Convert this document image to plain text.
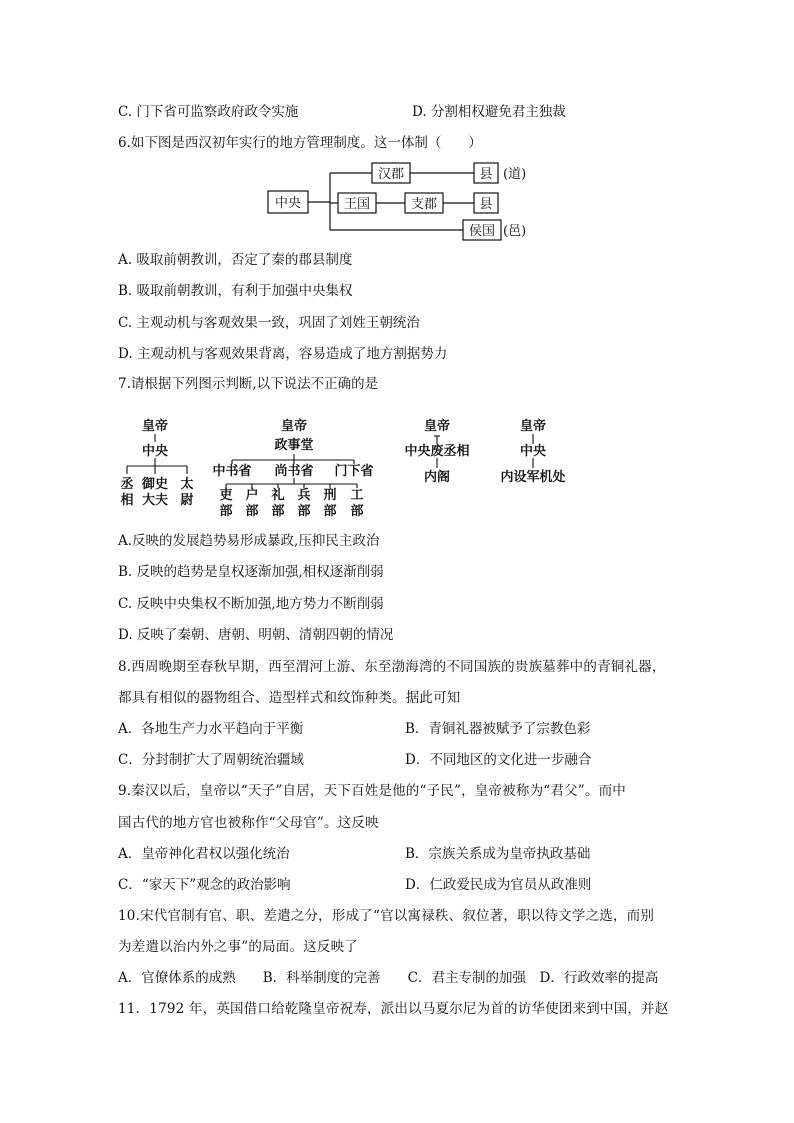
C. 门下省可监察政府政令实施	D. 分割相权避免君主独裁
6.如下图是西汉初年实行的地方管理制度。这一体制（　　）
中央
汉郡
王国	支郡
侯国
县
县
(道)
(邑)
A. 吸取前朝教训，否定了秦的郡县制度
B. 吸取前朝教训，有利于加强中央集权
C. 主观动机与客观效果一致，巩固了刘姓王朝统治
D. 主观动机与客观效果背离，容易造成了地方割据势力
7.请根据下列图示判断,以下说法不正确的是
皇帝
中央
丞
相
御史
大夫
太
尉
皇帝
政事堂
中书省 尚书省 门下省
吏
部
户
部
礼
部
兵
部
刑
部
工
部
皇帝
中央废丞相
内阁
皇帝
中央
内设军机处
A.反映的发展趋势易形成暴政,压抑民主政治
B. 反映的趋势是皇权逐渐加强,相权逐渐削弱
C. 反映中央集权不断加强,地方势力不断削弱
D. 反映了秦朝、唐朝、明朝、清朝四朝的情况
8.西周晚期至春秋早期，西至渭河上游、东至渤海湾的不同国族的贵族墓葬中的青铜礼器，
都具有相似的器物组合、造型样式和纹饰种类。据此可知
A．各地生产力水平趋向于平衡	B．青铜礼器被赋予了宗教色彩
C．分封制扩大了周朝统治疆域	D．不同地区的文化进一步融合
9.秦汉以后，皇帝以“天子”自居，天下百姓是他的“子民”，皇帝被称为“君父”。而中
国古代的地方官也被称作“父母官”。这反映
A．皇帝神化君权以强化统治	B．宗族关系成为皇帝执政基础
C．“家天下”观念的政治影响	D．仁政爱民成为官员从政准则
10.宋代官制有官、职、差遣之分，形成了“官以寓禄秩、叙位著，职以待文学之选，而别
为差遣以治内外之事”的局面。这反映了
A．官僚体系的成熟　　B．科举制度的完善　　C．君主专制的加强　D．行政效率的提高
11．1792 年，英国借口给乾隆皇帝祝寿，派出以马夏尔尼为首的访华使团来到中国，并赵
